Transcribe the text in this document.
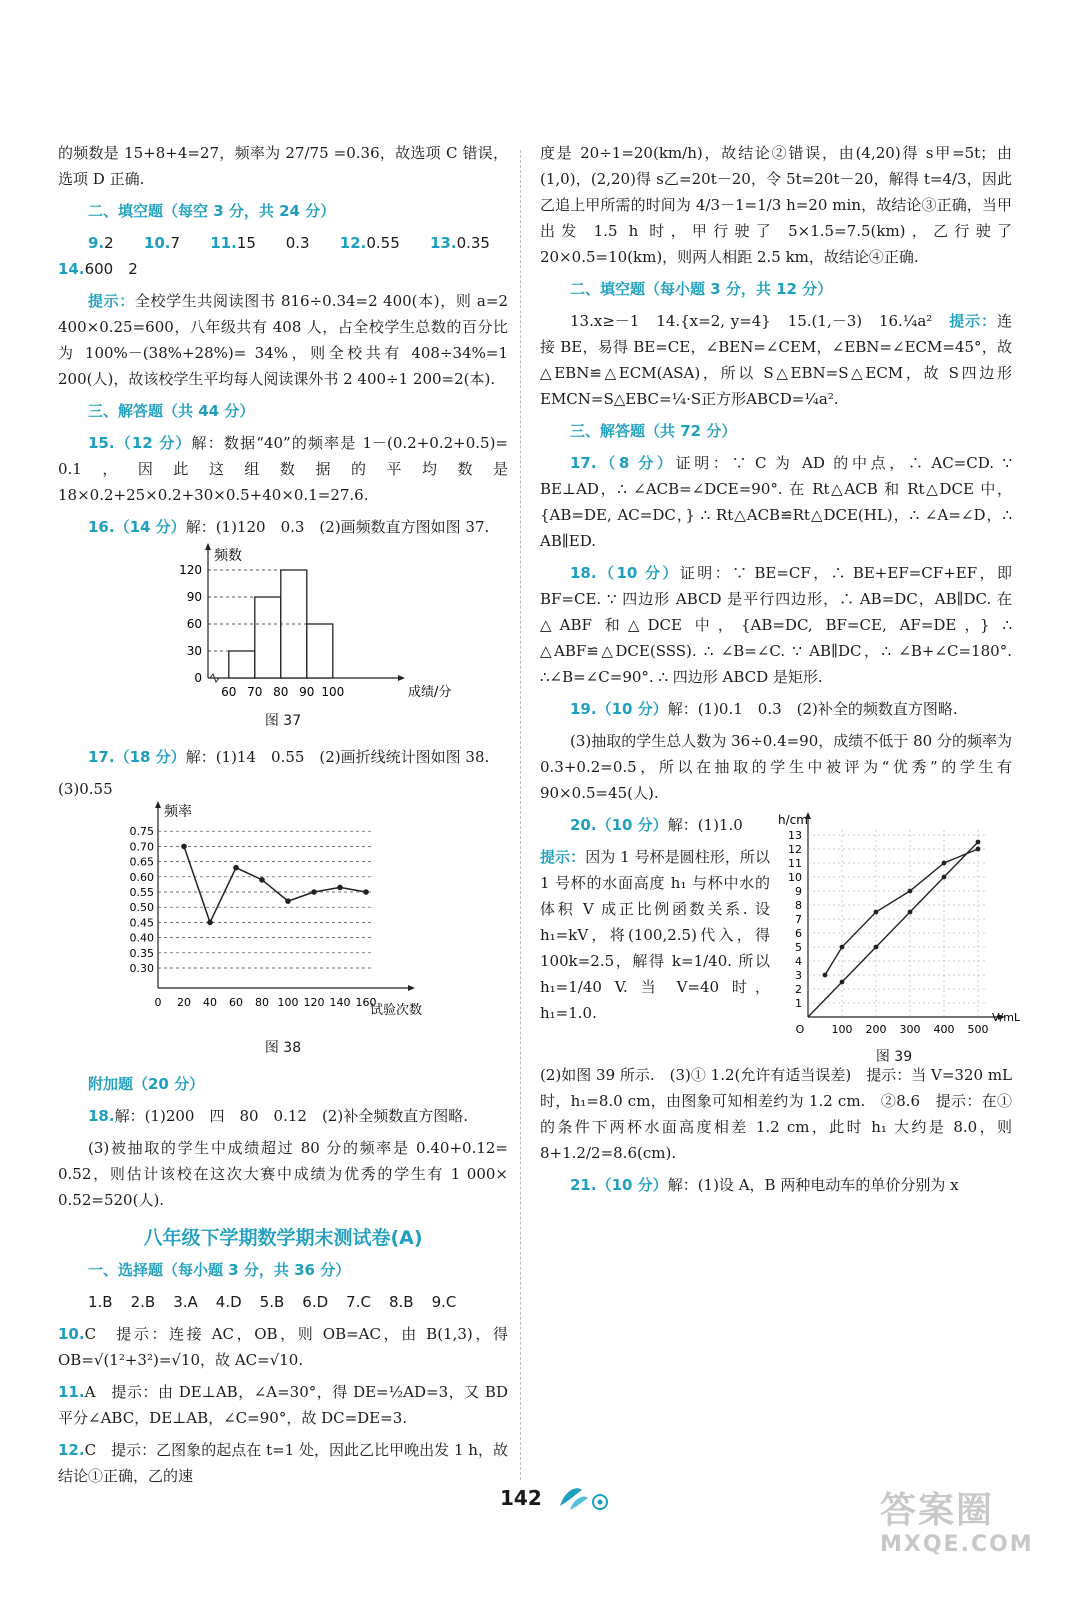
的频数是 15+8+4=27，频率为 27/75 =0.36，故选项 C 错误，选项 D 正确.

二、填空题（每空 3 分，共 24 分）

9.2 10.7 11.15　0.3 12.0.55 13.0.35 14.600　2

提示：全校学生共阅读图书 816÷0.34=2 400(本)，则 a=2 400×0.25=600，八年级共有 408 人，占全校学生总数的百分比为 100%－(38%+28%)= 34%，则全校共有 408÷34%=1 200(人)，故该校学生平均每人阅读课外书 2 400÷1 200=2(本).

三、解答题（共 44 分）

15.（12 分）解：数据“40”的频率是 1－(0.2+0.2+0.5)= 0.1，因此这组数据的平均数是 18×0.2+25×0.2+30×0.5+40×0.1=27.6.

16.（14 分）解：(1)120　0.3　(2)画频数直方图如图 37.

频数
成绩/分
0
30
60
90
120
60 70 80 90 100
图 37

17.（18 分）解：(1)14　0.55　(2)画折线统计图如图 38.

(3)0.55

频率
试验次数
0.30
0.35
0.40
0.45
0.50
0.55
0.60
0.65
0.70
0.75
0 20 40 60 80 100 120 140 160
图 38
附加题（20 分）

18.解：(1)200　四　80　0.12　(2)补全频数直方图略.

(3)被抽取的学生中成绩超过 80 分的频率是 0.40+0.12= 0.52，则估计该校在这次大赛中成绩为优秀的学生有 1 000× 0.52=520(人).

八年级下学期数学期末测试卷(A)
一、选择题（每小题 3 分，共 36 分）

1.B 2.B 3.A 4.D 5.B 6.D 7.C 8.B 9.C

10.C　提示：连接 AC，OB，则 OB=AC，由 B(1,3)，得 OB=√(1²+3²)=√10，故 AC=√10.

11.A　提示：由 DE⊥AB，∠A=30°，得 DE=½AD=3，又 BD 平分∠ABC，DE⊥AB，∠C=90°，故 DC=DE=3.

12.C　提示：乙图象的起点在 t=1 处，因此乙比甲晚出发 1 h，故结论①正确，乙的速

度是 20÷1=20(km/h)，故结论②错误，由(4,20)得 s甲=5t；由(1,0)，(2,20)得 s乙=20t－20，令 5t=20t－20，解得 t=4/3，因此乙追上甲所需的时间为 4/3－1=1/3 h=20 min，故结论③正确，当甲出发 1.5 h 时，甲行驶了 5×1.5=7.5(km)，乙行驶了 20×0.5=10(km)，则两人相距 2.5 km，故结论④正确.

二、填空题（每小题 3 分，共 12 分）

13.x≥－1　14.{x=2, y=4}　15.(1,－3)　16.¼a²　 提示：连接 BE，易得 BE=CE，∠BEN=∠CEM，∠EBN=∠ECM=45°，故△EBN≌△ECM(ASA)，所以 S△EBN=S△ECM，故 S四边形EMCN=S△EBC=¼·S正方形ABCD=¼a².

三、解答题（共 72 分）

17.（8 分）证明：∵ C 为 AD 的中点，∴ AC=CD. ∵ BE⊥AD，∴ ∠ACB=∠DCE=90°. 在 Rt△ACB 和 Rt△DCE 中，{AB=DE, AC=DC，} ∴ Rt△ACB≌Rt△DCE(HL)，∴ ∠A=∠D，∴ AB∥ED.

18.（10 分）证明：∵ BE=CF，∴ BE+EF=CF+EF，即 BF=CE. ∵ 四边形 ABCD 是平行四边形，∴ AB=DC，AB∥DC. 在△ABF 和△DCE 中，{AB=DC, BF=CE, AF=DE，} ∴ △ABF≌△DCE(SSS). ∴ ∠B=∠C. ∵ AB∥DC，∴ ∠B+∠C=180°. ∴∠B=∠C=90°. ∴ 四边形 ABCD 是矩形.

19.（10 分）解：(1)0.1　0.3　(2)补全的频数直方图略.

(3)抽取的学生总人数为 36÷0.4=90，成绩不低于 80 分的频率为 0.3+0.2=0.5，所以在抽取的学生中被评为“优秀”的学生有 90×0.5=45(人).

20.（10 分）解：(1)1.0

提示：因为 1 号杯是圆柱形，所以 1 号杯的水面高度 h₁ 与杯中水的体积 V 成正比例函数关系. 设 h₁=kV，将(100,2.5)代入，得 100k=2.5，解得 k=1/40. 所以 h₁=1/40 V. 当 V=40 时，h₁=1.0.

h/cm
V/mL
1
2
3
4
5
6
7
8
9
10
11
12
13
O 100 200 300 400 500
图 39

(2)如图 39 所示.　(3)① 1.2(允许有适当误差)　提示：当 V=320 mL 时，h₁=8.0 cm，由图象可知相差约为 1.2 cm.　②8.6　提示：在①的条件下两杯水面高度相差 1.2 cm，此时 h₁ 大约是 8.0，则 8+1.2/2=8.6(cm).

21.（10 分）解：(1)设 A，B 两种电动车的单价分别为 x

142	答案圈
MXQE.COM
